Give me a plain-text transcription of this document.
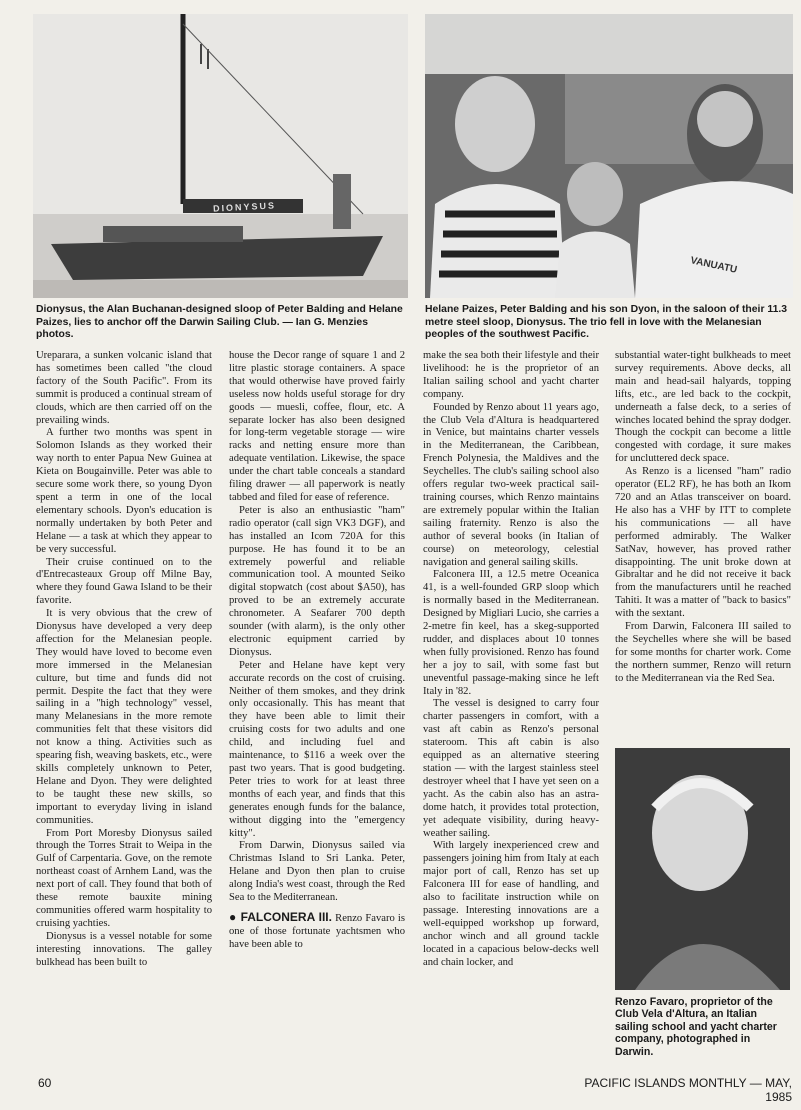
DIONYSUS
VANUATU
Dionysus, the Alan Buchanan-designed sloop of Peter Balding and Helane Paizes, lies to anchor off the Darwin Sailing Club. — Ian G. Menzies photos.
Helane Paizes, Peter Balding and his son Dyon, in the saloon of their 11.3 metre steel sloop, Dionysus. The trio fell in love with the Melanesian peoples of the southwest Pacific.

Ureparara, a sunken volcanic island that has sometimes been called "the cloud factory of the South Pacific". From its summit is produced a continual stream of clouds, which are then carried off on the prevailing winds.

A further two months was spent in Solomon Islands as they worked their way north to enter Papua New Guinea at Kieta on Bougainville. Peter was able to secure some work there, so young Dyon spent a term in one of the local elementary schools. Dyon's education is normally undertaken by both Peter and Helane — a task at which they appear to be very successful.

Their cruise continued on to the d'Entrecasteaux Group off Milne Bay, where they found Gawa Island to be their favorite.

It is very obvious that the crew of Dionysus have developed a very deep affection for the Melanesian people. They would have loved to become even more immersed in the Melanesian culture, but time and funds did not permit. Despite the fact that they were sailing in a "high technology" vessel, many Melanesians in the more remote communities felt that these visitors did not know a thing. Activities such as spearing fish, weaving baskets, etc., were skills completely unknown to Peter, Helane and Dyon. They were delighted to be taught these new skills, so important to everyday living in island communities.

From Port Moresby Dionysus sailed through the Torres Strait to Weipa in the Gulf of Carpentaria. Gove, on the remote northeast coast of Arnhem Land, was the next port of call. They found that both of these remote bauxite mining communities offered warm hospitality to cruising yachties.

Dionysus is a vessel notable for some interesting innovations. The galley bulkhead has been built to

house the Decor range of square 1 and 2 litre plastic storage containers. A space that would otherwise have proved fairly useless now holds useful storage for dry goods — muesli, coffee, flour, etc. A separate locker has also been designed for long-term vegetable storage — wire racks and netting ensure more than adequate ventilation. Likewise, the space under the chart table conceals a standard filing drawer — all paperwork is neatly tabbed and filed for ease of reference.

Peter is also an enthusiastic "ham" radio operator (call sign VK3 DGF), and has installed an Icom 720A for this purpose. He has found it to be an extremely powerful and reliable communication tool. A mounted Seiko digital stopwatch (cost about $A50), has proved to be an extremely accurate chronometer. A Seafarer 700 depth sounder (with alarm), is the only other electronic equipment carried by Dionysus.

Peter and Helane have kept very accurate records on the cost of cruising. Neither of them smokes, and they drink only occasionally. This has meant that they have been able to limit their cruising costs for two adults and one child, and including fuel and maintenance, to $116 a week over the past two years. That is good budgeting. Peter tries to work for at least three months of each year, and finds that this generates enough funds for the balance, without digging into the "emergency kitty".

From Darwin, Dionysus sailed via Christmas Island to Sri Lanka. Peter, Helane and Dyon then plan to cruise along India's west coast, through the Red Sea to the Mediterranean.

● FALCONERA III. Renzo Favaro is one of those fortunate yachtsmen who have been able to

make the sea both their lifestyle and their livelihood: he is the proprietor of an Italian sailing school and yacht charter company.

Founded by Renzo about 11 years ago, the Club Vela d'Altura is headquartered in Venice, but maintains charter vessels in the Mediterranean, the Caribbean, French Polynesia, the Maldives and the Seychelles. The club's sailing school also offers regular two-week practical sail-training courses, which Renzo maintains are extremely popular within the Italian sailing fraternity. Renzo is also the author of several books (in Italian of course) on meteorology, celestial navigation and general sailing skills.

Falconera III, a 12.5 metre Oceanica 41, is a well-founded GRP sloop which is normally based in the Mediterranean. Designed by Migliari Lucio, she carries a 2-metre fin keel, has a skeg-supported rudder, and displaces about 10 tonnes when fully provisioned. Renzo has found her a joy to sail, with some fast but uneventful passage-making since he left Italy in '82.

The vessel is designed to carry four charter passengers in comfort, with a vast aft cabin as Renzo's personal stateroom. This aft cabin is also equipped as an alternative steering station — with the largest stainless steel destroyer wheel that I have yet seen on a yacht. As the cabin also has an astra-dome hatch, it provides total protection, yet adequate visibility, during heavy-weather sailing.

With largely inexperienced crew and passengers joining him from Italy at each major port of call, Renzo has set up Falconera III for ease of handling, and also to facilitate instruction while on passage. Interesting innovations are a well-equipped workshop up forward, anchor winch and all ground tackle located in a capacious below-decks well and chain locker, and

substantial water-tight bulkheads to meet survey requirements. Above decks, all main and head-sail halyards, topping lifts, etc., are led back to the cockpit, underneath a false deck, to a series of winches located behind the spray dodger. Though the cockpit can become a little congested with cordage, it sure makes for uncluttered deck space.

As Renzo is a licensed "ham" radio operator (EL2 RF), he has both an Ikom 720 and an Atlas transceiver on board. He also has a VHF by ITT to complete his communications — all have performed admirably. The Walker SatNav, however, has proved rather disappointing. The unit broke down at Gibraltar and he did not receive it back from the manufacturers until he reached Tahiti. It was a matter of "back to basics" with the sextant.

From Darwin, Falconera III sailed to the Seychelles where she will be based for some months for charter work. Come the northern summer, Renzo will return to the Mediterranean via the Red Sea.

Renzo Favaro, proprietor of the Club Vela d'Altura, an Italian sailing school and yacht charter company, photographed in Darwin.
60	PACIFIC ISLANDS MONTHLY — MAY, 1985
